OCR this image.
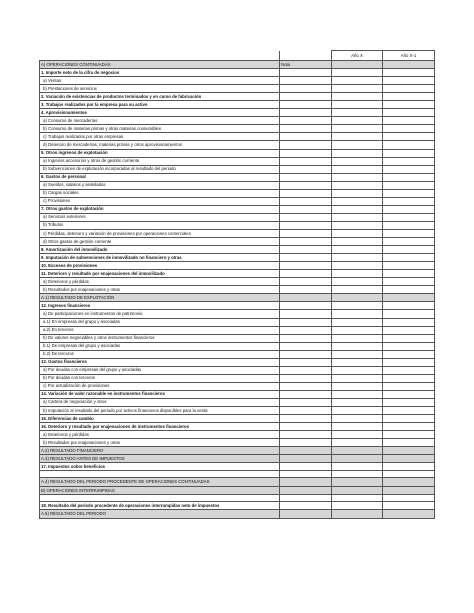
		Año X	Año X-1
A) OPERACIONES CONTINUADAS	Nota		
1. Importe neto de la cifra de negocios			
a) Ventas			
b) Prestaciones de servicios			
2. Variación de existencias de productos terminados y en curso de fabricación			
3. Trabajos realizados por la empresa para su activo			
4. Aprovisionamientos			
a) Consumo de mercaderías			
b) Consumo de materias primas y otras materias consumibles			
c) Trabajos realizados por otras empresas			
d) Deterioro de mercaderías, materias primas y otros aprovisionamientos			
5. Otros ingresos de explotación			
a) Ingresos accesorios y otros de gestión corriente			
b) Subvenciones de explotación incorporadas al resultado del periodo			
6. Gastos de personal			
a) Sueldos, salarios y asimilados			
b) Cargas sociales			
c) Provisiones			
7. Otros gastos de explotación			
a) Servicios exteriores			
b) Tributos			
c) Pérdidas, deterioro y variación de provisiones por operaciones comerciales			
d) Otros gastos de gestión corriente			
8. Amortización del inmovilizado			
9. Imputación de subvenciones de inmovilizado no financiero y otras			
10. Excesos de provisiones			
11. Deterioro y resultado por enajenaciones del inmovilizado			
a) Deterioros y pérdidas			
b) Resultados por enajenaciones y otras			
A.1) RESULTADO DE EXPLOTACIÓN			
12. Ingresos financieros			
a) De participaciones en instrumentos de patrimonio			
a.1) En empresas del grupo y asociadas			
a.2) En terceros			
b) De valores negociables y otros instrumentos financieros			
b.1) De empresas del grupo y asociadas			
b.2) De terceros			
13. Gastos financieros			
a) Por deudas con empresas del grupo y asociadas			
b) Por deudas con terceros			
c) Por actualización de provisiones			
14. Variación de valor razonable en instrumentos financieros			
a) Cartera de negociación y otros			
b) Imputación al resultado del periodo por activos financieros disponibles para la venta			
15. Diferencias de cambio			
16. Deterioro y resultado por enajenaciones de instrumentos financieros			
a) Deterioros y pérdidas			
b) Resultados por enajenaciones y otras			
A.2) RESULTADO FINANCIERO			
A.3) RESULTADO ANTES DE IMPUESTOS			
17. Impuestos sobre beneficios			

A.4) RESULTADO DEL PERIODO PROCEDENTE DE OPERACIONES CONTINUADAS			
B) OPERACIONES INTERRUMPIDAS			

18. Resultado del periodo procedente de operaciones interrumpidas neto de impuestos			
A.5) RESULTADO DEL PERIODO			
